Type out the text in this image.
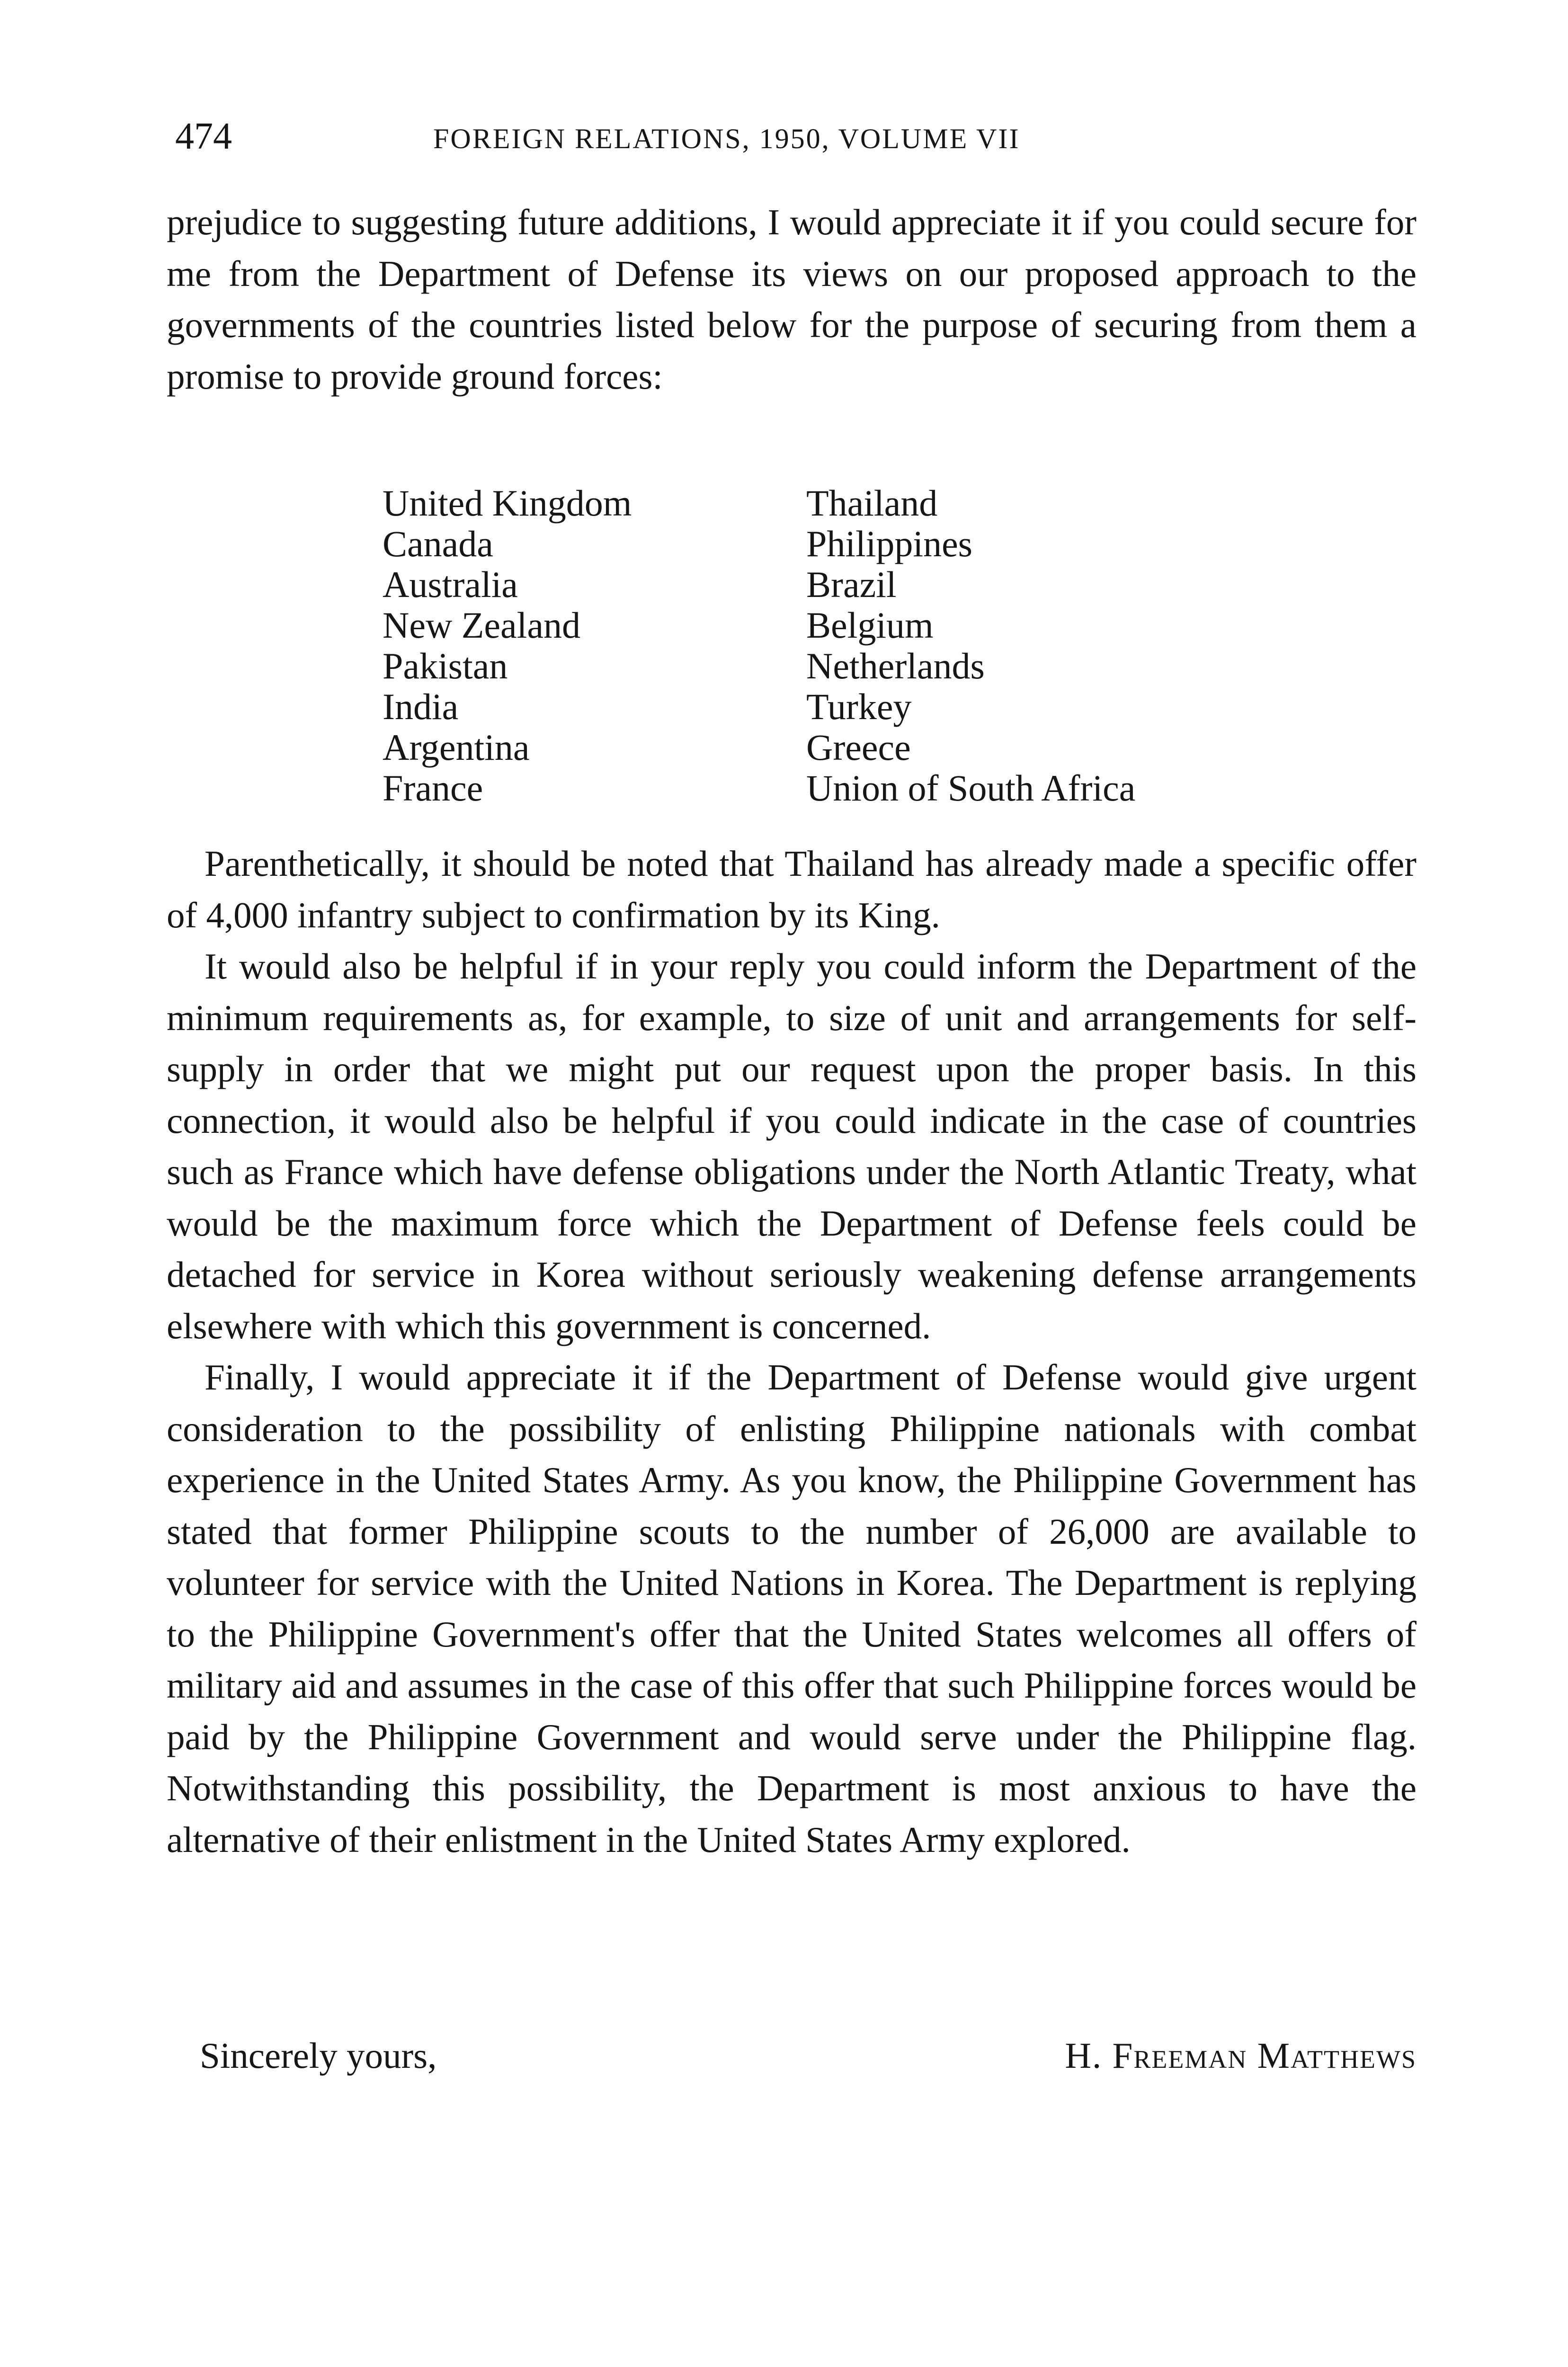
474	FOREIGN RELATIONS, 1950, VOLUME VII

prejudice to suggesting future additions, I would appreciate it if you could secure for me from the Department of Defense its views on our proposed approach to the governments of the countries listed below for the purpose of securing from them a promise to provide ground forces:

United Kingdom
Canada
Australia
New Zealand
Pakistan
India
Argentina
France
Thailand
Philippines
Brazil
Belgium
Netherlands
Turkey
Greece
Union of South Africa

Parenthetically, it should be noted that Thailand has already made a specific offer of 4,000 infantry subject to confirmation by its King.

It would also be helpful if in your reply you could inform the Department of the minimum requirements as, for example, to size of unit and arrangements for self-supply in order that we might put our request upon the proper basis. In this connection, it would also be helpful if you could indicate in the case of countries such as France which have defense obligations under the North Atlantic Treaty, what would be the maximum force which the Department of Defense feels could be detached for service in Korea without seriously weakening defense arrangements elsewhere with which this government is concerned.

Finally, I would appreciate it if the Department of Defense would give urgent consideration to the possibility of enlisting Philippine nationals with combat experience in the United States Army. As you know, the Philippine Government has stated that former Philippine scouts to the number of 26,000 are available to volunteer for service with the United Nations in Korea. The Department is replying to the Philippine Government's offer that the United States welcomes all offers of military aid and assumes in the case of this offer that such Philippine forces would be paid by the Philippine Government and would serve under the Philippine flag. Notwithstanding this possibility, the Department is most anxious to have the alternative of their enlistment in the United States Army explored.

Sincerely yours,	H. Freeman Matthews
